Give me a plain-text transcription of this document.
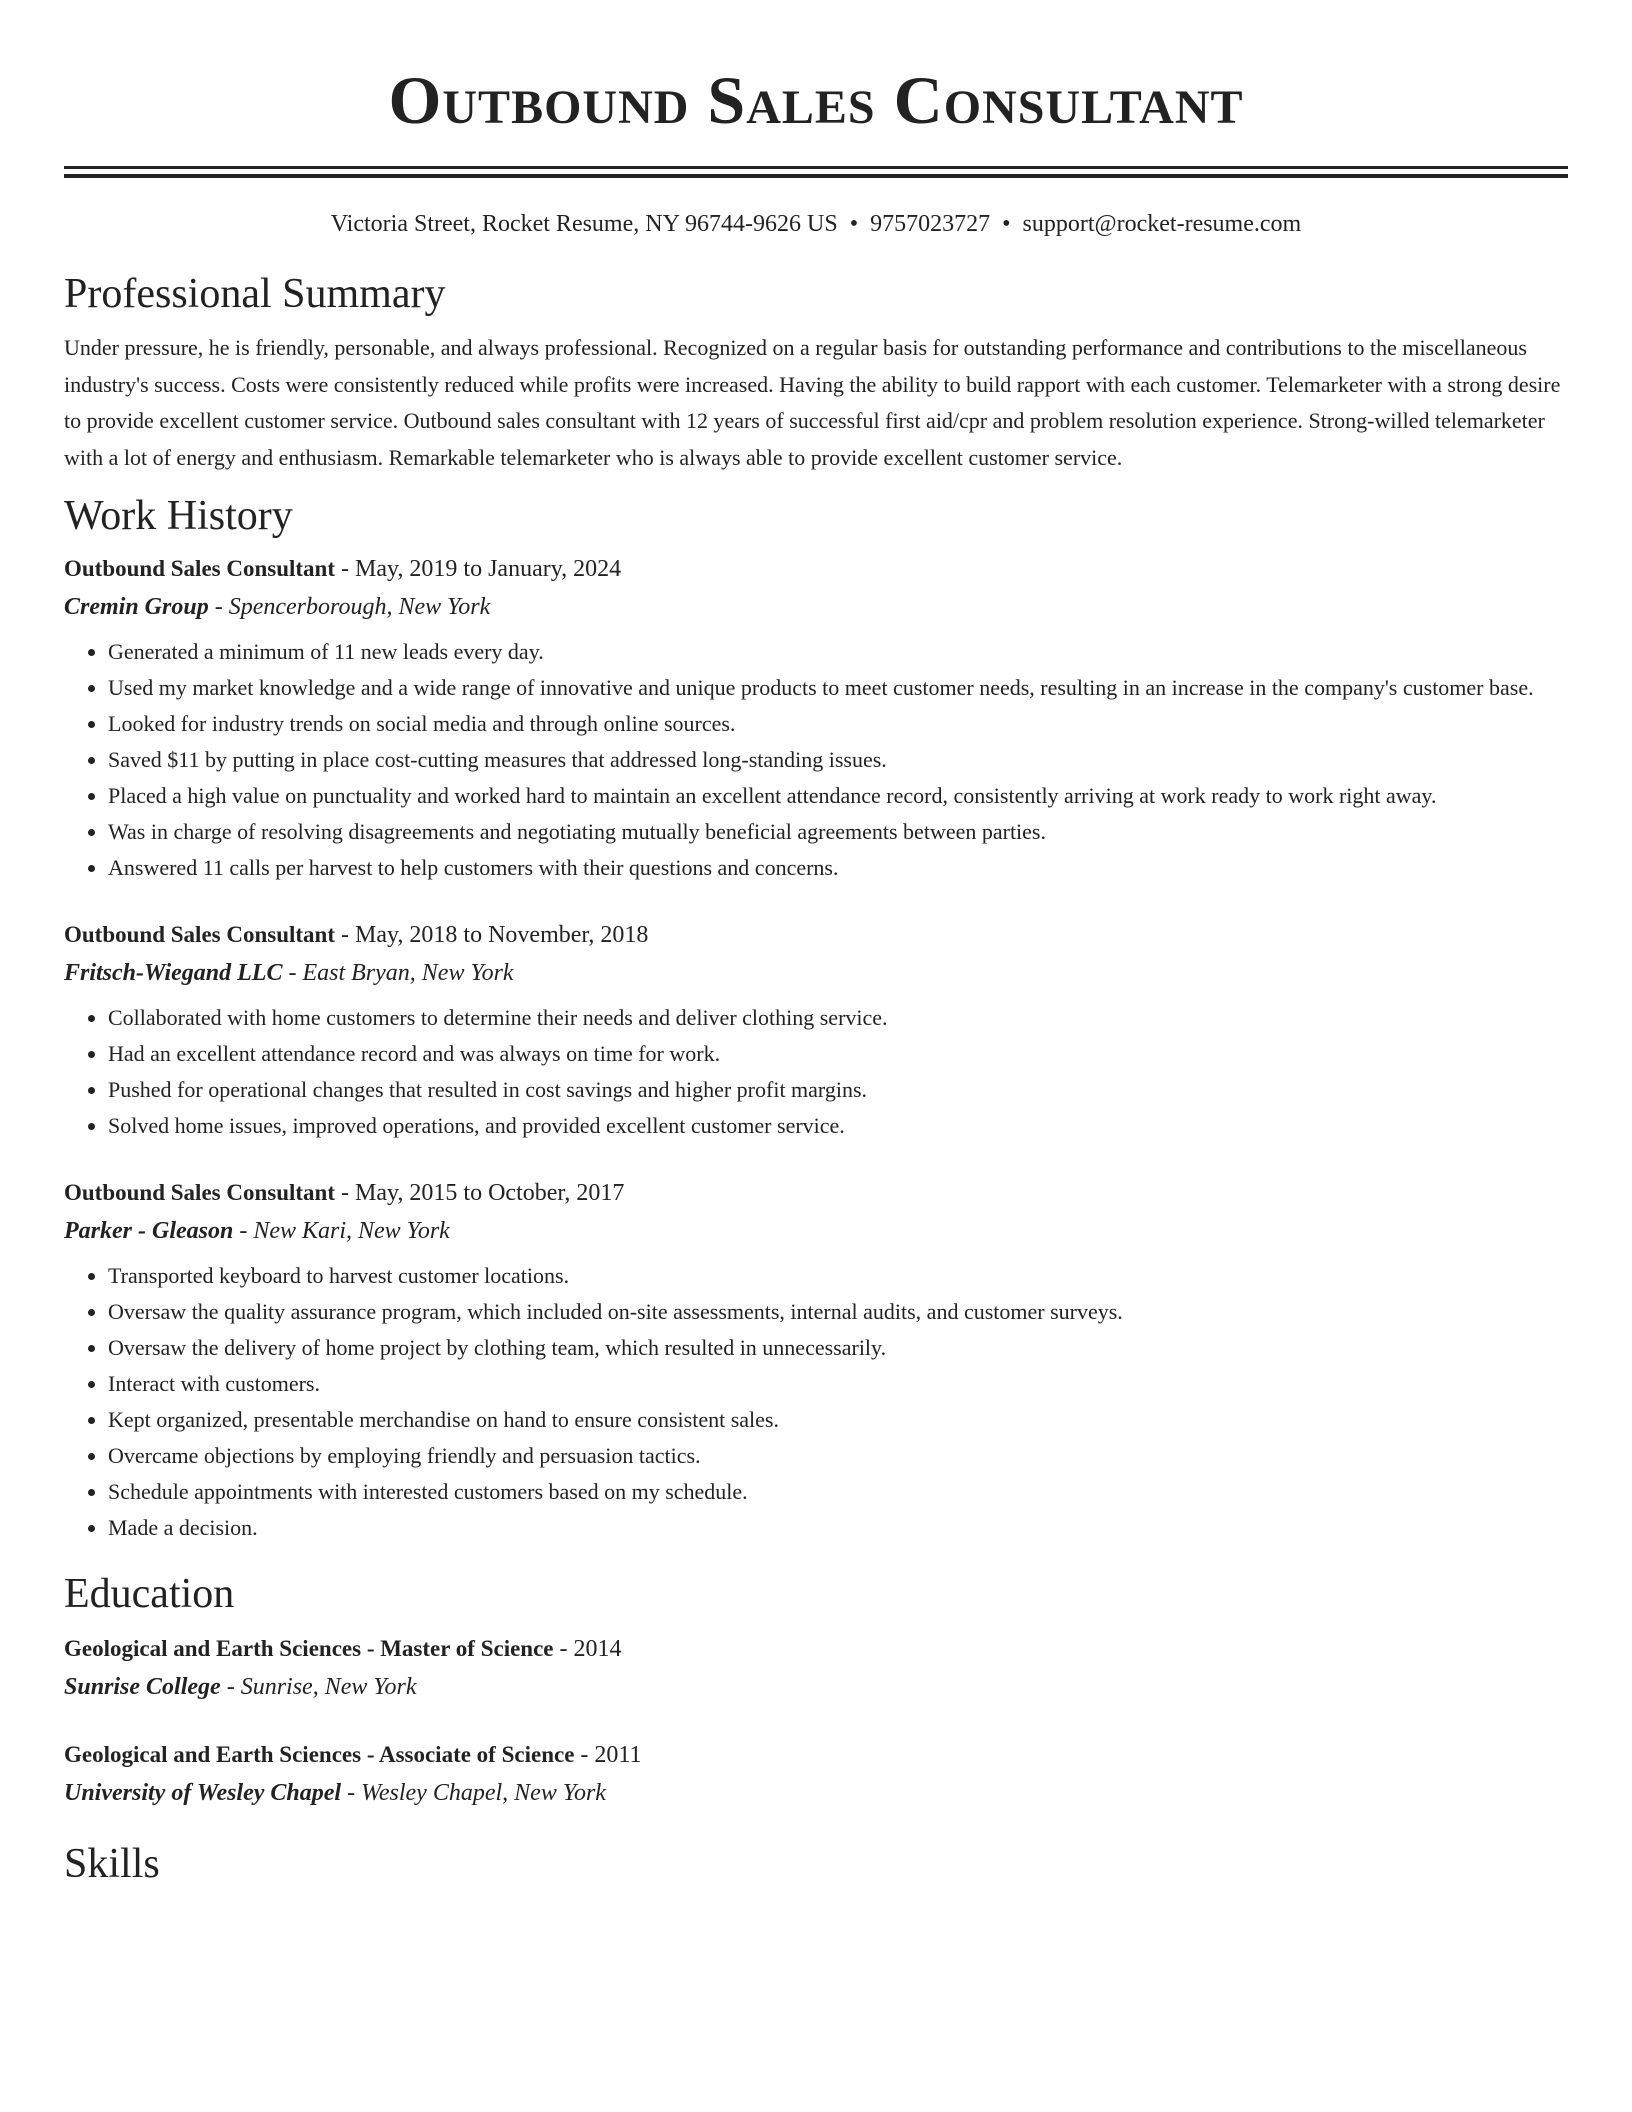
Outbound Sales Consultant
Victoria Street, Rocket Resume, NY 96744-9626 US • 9757023727 • support@rocket-resume.com
Professional Summary

Under pressure, he is friendly, personable, and always professional. Recognized on a regular basis for outstanding performance and contributions to the miscellaneous industry's success. Costs were consistently reduced while profits were increased. Having the ability to build rapport with each customer. Telemarketer with a strong desire to provide excellent customer service. Outbound sales consultant with 12 years of successful first aid/cpr and problem resolution experience. Strong-willed telemarketer with a lot of energy and enthusiasm. Remarkable telemarketer who is always able to provide excellent customer service.

Work History
Outbound Sales Consultant - May, 2019 to January, 2024
Cremin Group - Spencerborough, New York
• Generated a minimum of 11 new leads every day.
• Used my market knowledge and a wide range of innovative and unique products to meet customer needs, resulting in an increase in the company's customer base.
• Looked for industry trends on social media and through online sources.
• Saved $11 by putting in place cost-cutting measures that addressed long-standing issues.
• Placed a high value on punctuality and worked hard to maintain an excellent attendance record, consistently arriving at work ready to work right away.
• Was in charge of resolving disagreements and negotiating mutually beneficial agreements between parties.
• Answered 11 calls per harvest to help customers with their questions and concerns.
Outbound Sales Consultant - May, 2018 to November, 2018
Fritsch-Wiegand LLC - East Bryan, New York
• Collaborated with home customers to determine their needs and deliver clothing service.
• Had an excellent attendance record and was always on time for work.
• Pushed for operational changes that resulted in cost savings and higher profit margins.
• Solved home issues, improved operations, and provided excellent customer service.
Outbound Sales Consultant - May, 2015 to October, 2017
Parker - Gleason - New Kari, New York
• Transported keyboard to harvest customer locations.
• Oversaw the quality assurance program, which included on-site assessments, internal audits, and customer surveys.
• Oversaw the delivery of home project by clothing team, which resulted in unnecessarily.
• Interact with customers.
• Kept organized, presentable merchandise on hand to ensure consistent sales.
• Overcame objections by employing friendly and persuasion tactics.
• Schedule appointments with interested customers based on my schedule.
• Made a decision.
Education
Geological and Earth Sciences - Master of Science - 2014
Sunrise College - Sunrise, New York
Geological and Earth Sciences - Associate of Science - 2011
University of Wesley Chapel - Wesley Chapel, New York
Skills
